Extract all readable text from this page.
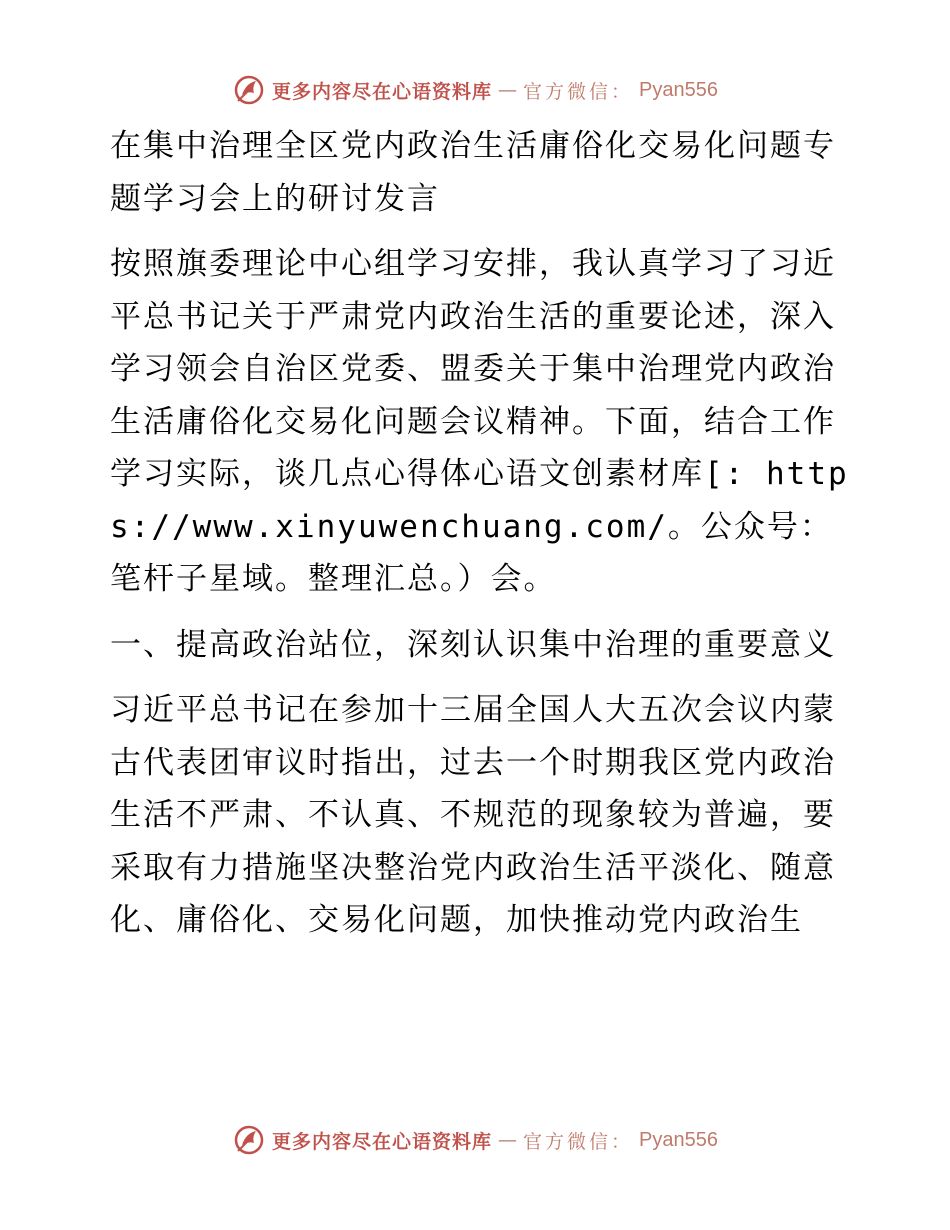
更多内容尽在心语资料库 — 官方微信： Pyan556

在集中治理全区党内政治生活庸俗化交易化问题专题学习会上的研讨发言

按照旗委理论中心组学习安排，我认真学习了习近平总书记关于严肃党内政治生活的重要论述，深入学习领会自治区党委、盟委关于集中治理党内政治生活庸俗化交易化问题会议精神。下面，结合工作学习实际，谈几点心得体心语文创素材库[: https://www.xinyuwenchuang.com/。公众号：笔杆子星域。整理汇总。）会。

一、提高政治站位，深刻认识集中治理的重要意义

习近平总书记在参加十三届全国人大五次会议内蒙古代表团审议时指出，过去一个时期我区党内政治生活不严肃、不认真、不规范的现象较为普遍，要采取有力措施坚决整治党内政治生活平淡化、随意化、庸俗化、交易化问题，加快推动党内政治生

更多内容尽在心语资料库 — 官方微信： Pyan556
